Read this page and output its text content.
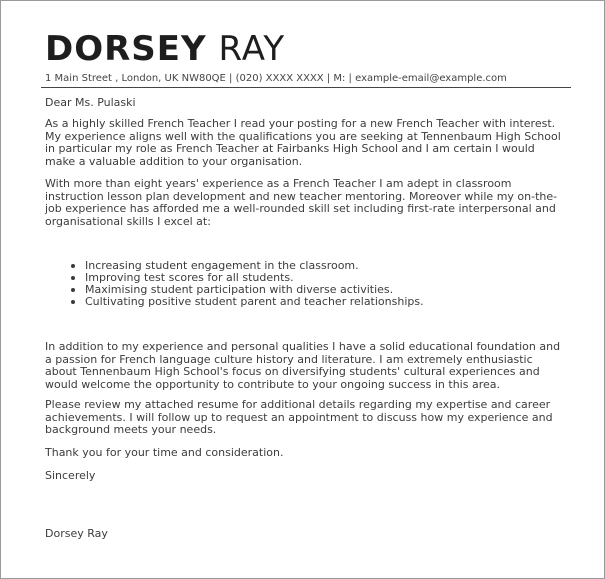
DORSEY RAY
1 Main Street , London, UK NW80QE | (020) XXXX XXXX | M: | example-email@example.com
Dear Ms. Pulaski

As a highly skilled French Teacher I read your posting for a new French Teacher with interest. My experience aligns well with the qualifications you are seeking at Tennenbaum High School in particular my role as French Teacher at Fairbanks High School and I am certain I would make a valuable addition to your organisation.

With more than eight years' experience as a French Teacher I am adept in classroom instruction lesson plan development and new teacher mentoring. Moreover while my on-the-job experience has afforded me a well-rounded skill set including first-rate interpersonal and organisational skills I excel at:

Increasing student engagement in the classroom.
Improving test scores for all students.
Maximising student participation with diverse activities.
Cultivating positive student parent and teacher relationships.

In addition to my experience and personal qualities I have a solid educational foundation and a passion for French language culture history and literature. I am extremely enthusiastic about Tennenbaum High School's focus on diversifying students' cultural experiences and would welcome the opportunity to contribute to your ongoing success in this area.

Please review my attached resume for additional details regarding my expertise and career achievements. I will follow up to request an appointment to discuss how my experience and background meets your needs.

Thank you for your time and consideration.
Sincerely
Dorsey Ray
